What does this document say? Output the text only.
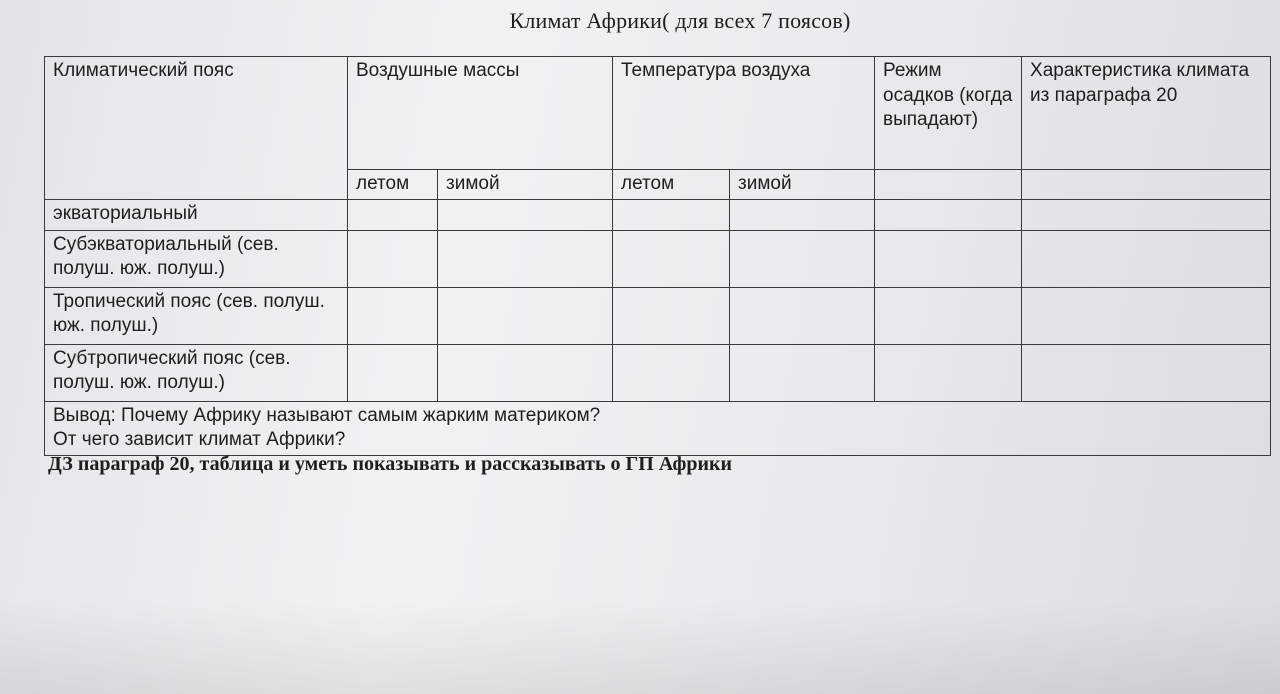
Климат Африки( для всех 7 поясов)
Климатический пояс	Воздушные массы		Температура воздуха		Режим осадков (когда выпадают)	Характеристика климата из параграфа 20
	летом	зимой	летом	зимой		
экваториальный						
Субэкваториальный (сев. полуш. юж. полуш.)						
Тропический пояс (сев. полуш. юж. полуш.)						
Субтропический пояс (сев. полуш. юж. полуш.)						

Вывод: Почему Африку называют самым жарким материком?
От чего зависит климат Африки?						
ДЗ параграф 20, таблица и уметь показывать и рассказывать о ГП Африки
